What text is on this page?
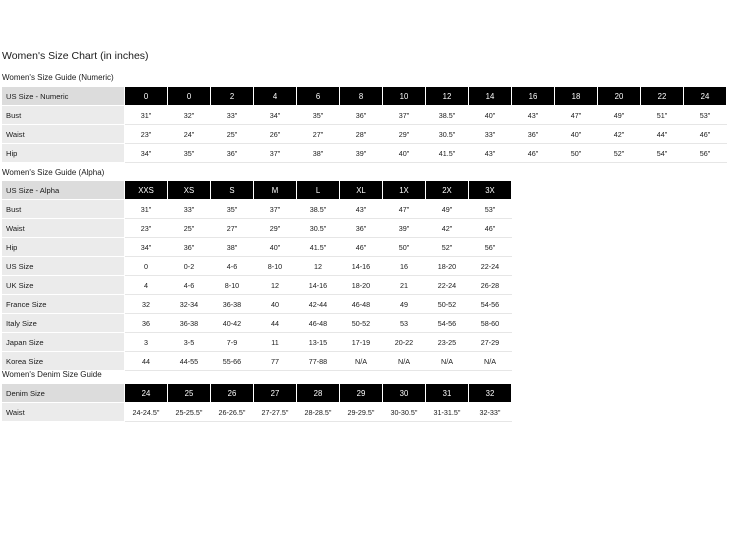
Women's Size Chart (in inches)
Women's Size Guide (Numeric)
US Size - Numeric	0	0	2	4	6	8	10	12	14	16	18	20	22	24
Bust	31"	32"	33"	34"	35"	36"	37"	38.5"	40"	43"	47"	49"	51"	53"
Waist	23"	24"	25"	26"	27"	28"	29"	30.5"	33"	36"	40"	42"	44"	46"
Hip	34"	35"	36"	37"	38"	39"	40"	41.5"	43"	46"	50"	52"	54"	56"
Women's Size Guide (Alpha)
US Size - Alpha	XXS	XS	S	M	L	XL	1X	2X	3X
Bust	31"	33"	35"	37"	38.5"	43"	47"	49"	53"
Waist	23"	25"	27"	29"	30.5"	36"	39"	42"	46"
Hip	34"	36"	38"	40"	41.5"	46"	50"	52"	56"
US Size	0	0-2	4-6	8-10	12	14-16	16	18-20	22-24
UK Size	4	4-6	8-10	12	14-16	18-20	21	22-24	26-28
France Size	32	32-34	36-38	40	42-44	46-48	49	50-52	54-56
Italy Size	36	36-38	40-42	44	46-48	50-52	53	54-56	58-60
Japan Size	3	3-5	7-9	11	13-15	17-19	20-22	23-25	27-29
Korea Size	44	44-55	55-66	77	77-88	N/A	N/A	N/A	N/A
Women's Denim Size Guide
Denim Size	24	25	26	27	28	29	30	31	32
Waist	24-24.5"	25-25.5"	26-26.5"	27-27.5"	28-28.5"	29-29.5"	30-30.5"	31-31.5"	32-33"
